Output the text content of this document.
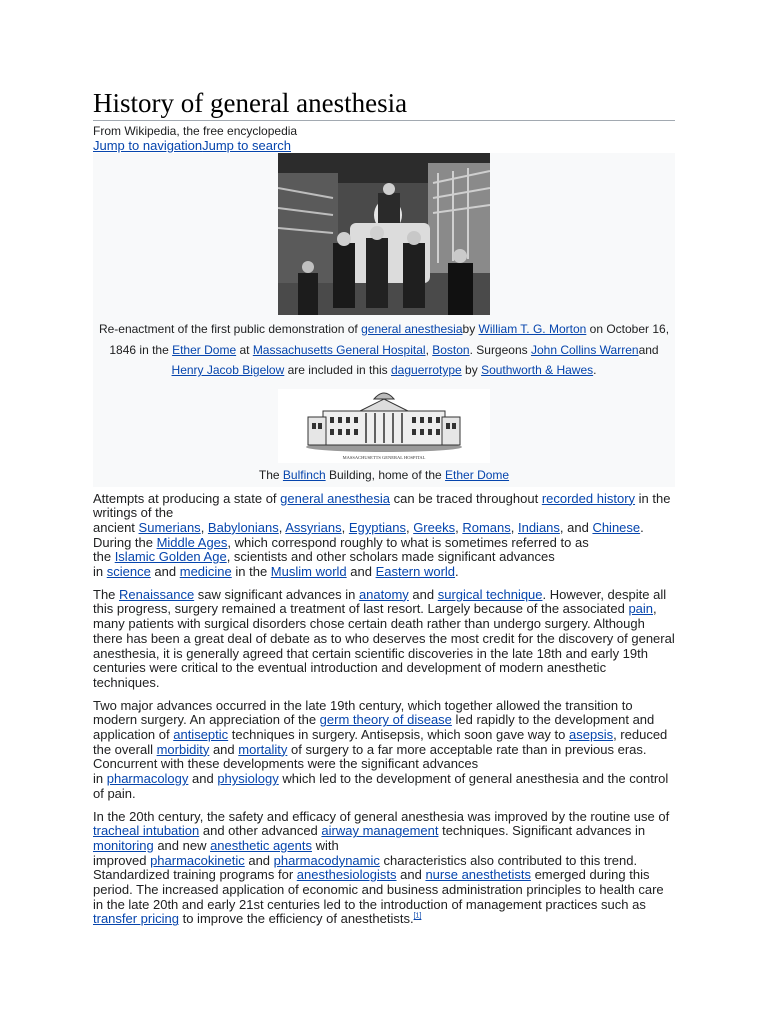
History of general anesthesia
From Wikipedia, the free encyclopedia
Jump to navigationJump to search
Re-enactment of the first public demonstration of general anesthesiaby William T. G. Morton on October 16, 1846 in the Ether Dome at Massachusetts General Hospital, Boston. Surgeons John Collins Warrenand Henry Jacob Bigelow are included in this daguerrotype by Southworth & Hawes.
MASSACHUSETTS GENERAL HOSPITAL
The Bulfinch Building, home of the Ether Dome

Attempts at producing a state of general anesthesia can be traced throughout recorded history in the writings of the
ancient Sumerians, Babylonians, Assyrians, Egyptians, Greeks, Romans, Indians, and Chinese. During the Middle Ages, which correspond roughly to what is sometimes referred to as
the Islamic Golden Age, scientists and other scholars made significant advances
in science and medicine in the Muslim world and Eastern world.

The Renaissance saw significant advances in anatomy and surgical technique. However, despite all this progress, surgery remained a treatment of last resort. Largely because of the associated pain, many patients with surgical disorders chose certain death rather than undergo surgery. Although there has been a great deal of debate as to who deserves the most credit for the discovery of general anesthesia, it is generally agreed that certain scientific discoveries in the late 18th and early 19th centuries were critical to the eventual introduction and development of modern anesthetic techniques.

Two major advances occurred in the late 19th century, which together allowed the transition to modern surgery. An appreciation of the germ theory of disease led rapidly to the development and application of antiseptic techniques in surgery. Antisepsis, which soon gave way to asepsis, reduced the overall morbidity and mortality of surgery to a far more acceptable rate than in previous eras. Concurrent with these developments were the significant advances
in pharmacology and physiology which led to the development of general anesthesia and the control of pain.

In the 20th century, the safety and efficacy of general anesthesia was improved by the routine use of tracheal intubation and other advanced airway management techniques. Significant advances in monitoring and new anesthetic agents with
improved pharmacokinetic and pharmacodynamic characteristics also contributed to this trend. Standardized training programs for anesthesiologists and nurse anesthetists emerged during this period. The increased application of economic and business administration principles to health care in the late 20th and early 21st centuries led to the introduction of management practices such as transfer pricing to improve the efficiency of anesthetists.[1]
